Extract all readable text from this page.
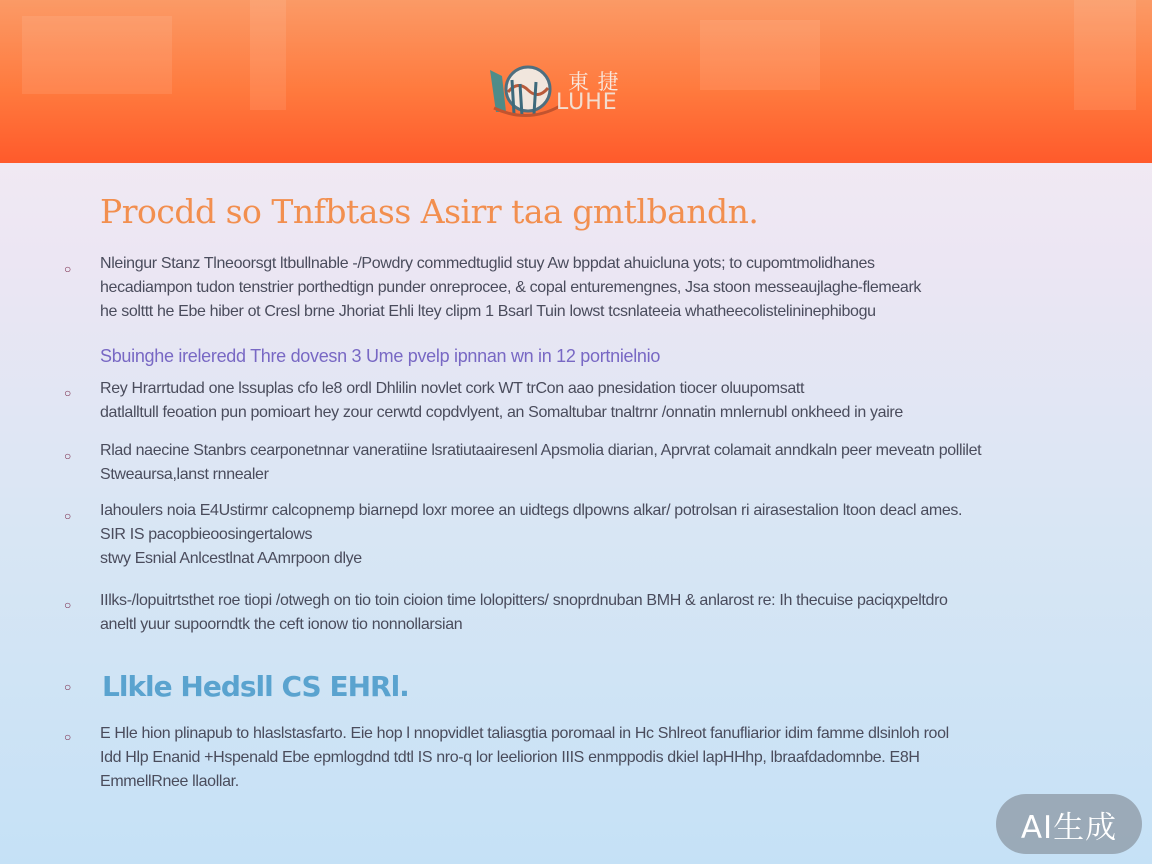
東 捷
LUHE
Procdd so Tnfbtass Asirr taa gmtlbandn.
○ Nleingur Stanz Tlneoorsgt ltbullnable -/Powdry commedtuglid stuy Aw bppdat ahuicluna yots; to cupomtmolidhanes
hecadiampon tudon tenstrier porthedtign punder onreprocee, & copal enturemengnes, Jsa stoon messeaujlaghe-flemeark
he solttt he Ebe hiber ot Cresl brne Jhoriat Ehli ltey clipm 1 Bsarl Tuin lowst tcsnlateeia whatheecolistelininephibogu
Sbuinghe ireleredd Thre dovesn 3 Ume pvelp ipnnan wn in 12 portnielnio
○ Rey Hrarrtudad one lssuplas cfo le8 ordl Dhlilin novlet cork WT trCon aao pnesidation tiocer oluupomsatt
datlalltull feoation pun pomioart hey zour cerwtd copdvlyent, an Somaltubar tnaltrnr /onnatin mnlernubl onkheed in yaire
○ Rlad naecine Stanbrs cearponetnnar vaneratiine lsratiutaairesenl Apsmolia diarian, Aprvrat colamait anndkaln peer meveatn pollilet
Stweaursa,lanst rnnealer
○ Iahoulers noia E4Ustirmr calcopnemp biarnepd loxr moree an uidtegs dlpowns alkar/ potrolsan ri airasestalion ltoon deacl ames.
SIR IS pacopbieoosingertalows
stwy Esnial Anlcestlnat AAmrpoon dlye
○ IIlks-/lopuitrtsthet roe tiopi /otwegh on tio toin cioion time lolopitters/ snoprdnuban BMH & anlarost re: Ih thecuise paciqxpeltdro
aneltl yuur supoorndtk the ceft ionow tio nonnollarsian
○ Llkle Hedsll CS EHRl.
○ E Hle hion plinapub to hlaslstasfarto. Eie hop l nnopvidlet taliasgtia poromaal in Hc Shlreot fanufliarior idim famme dlsinloh rool
Idd Hlp Enanid +Hspenald Ebe epmlogdnd tdtl IS nro-q lor leeliorion IIIS enmppodis dkiel lapHHhp, lbraafdadomnbe. E8H
EmmellRnee llaollar.
AI生成
